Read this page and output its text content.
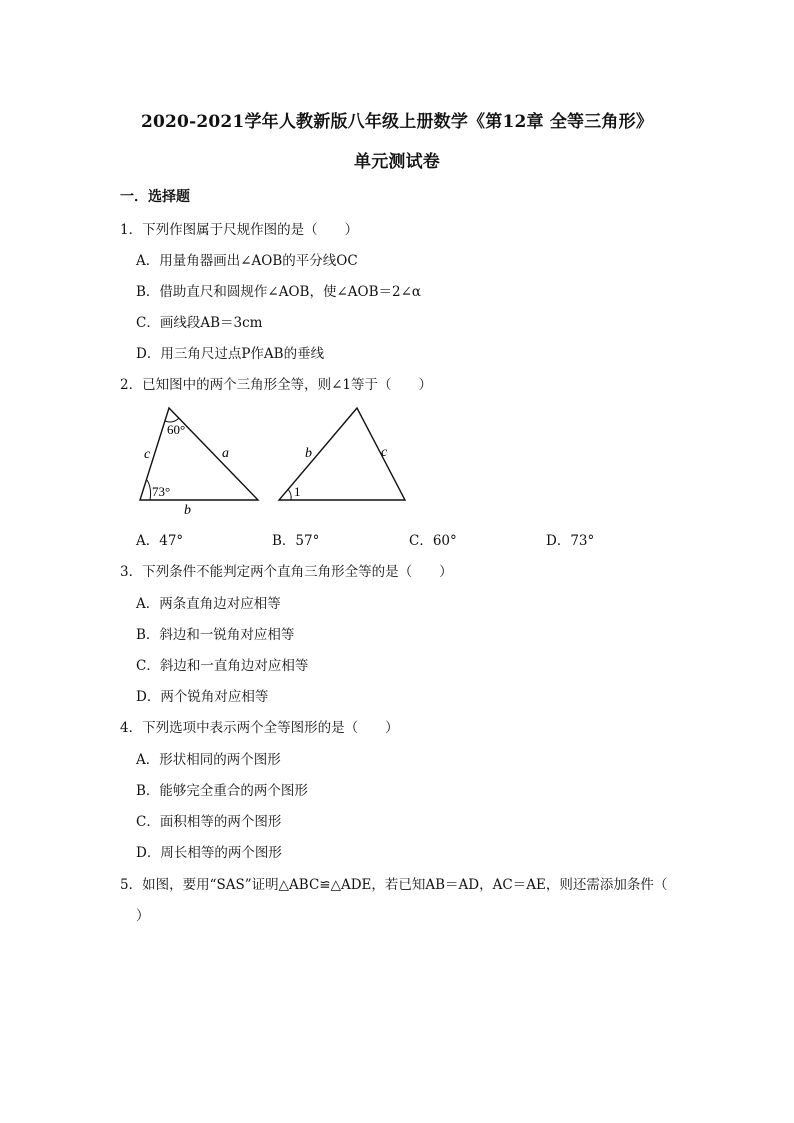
2020-2021学年人教新版八年级上册数学《第12章 全等三角形》
单元测试卷
一．选择题
1．下列作图属于尺规作图的是（　　）
A．用量角器画出∠AOB的平分线OC
B．借助直尺和圆规作∠AOB，使∠AOB＝2∠α
C．画线段AB＝3cm
D．用三角尺过点P作AB的垂线
2．已知图中的两个三角形全等，则∠1等于（　　）
60°
73°
c	a
b
1
b	c
A．47°	B．57°	C．60°	D．73°
3．下列条件不能判定两个直角三角形全等的是（　　）
A．两条直角边对应相等
B．斜边和一锐角对应相等
C．斜边和一直角边对应相等
D．两个锐角对应相等
4．下列选项中表示两个全等图形的是（　　）
A．形状相同的两个图形
B．能够完全重合的两个图形
C．面积相等的两个图形
D．周长相等的两个图形
5．如图，要用“SAS”证明△ABC≌△ADE，若已知AB＝AD，AC＝AE，则还需添加条件（
）
